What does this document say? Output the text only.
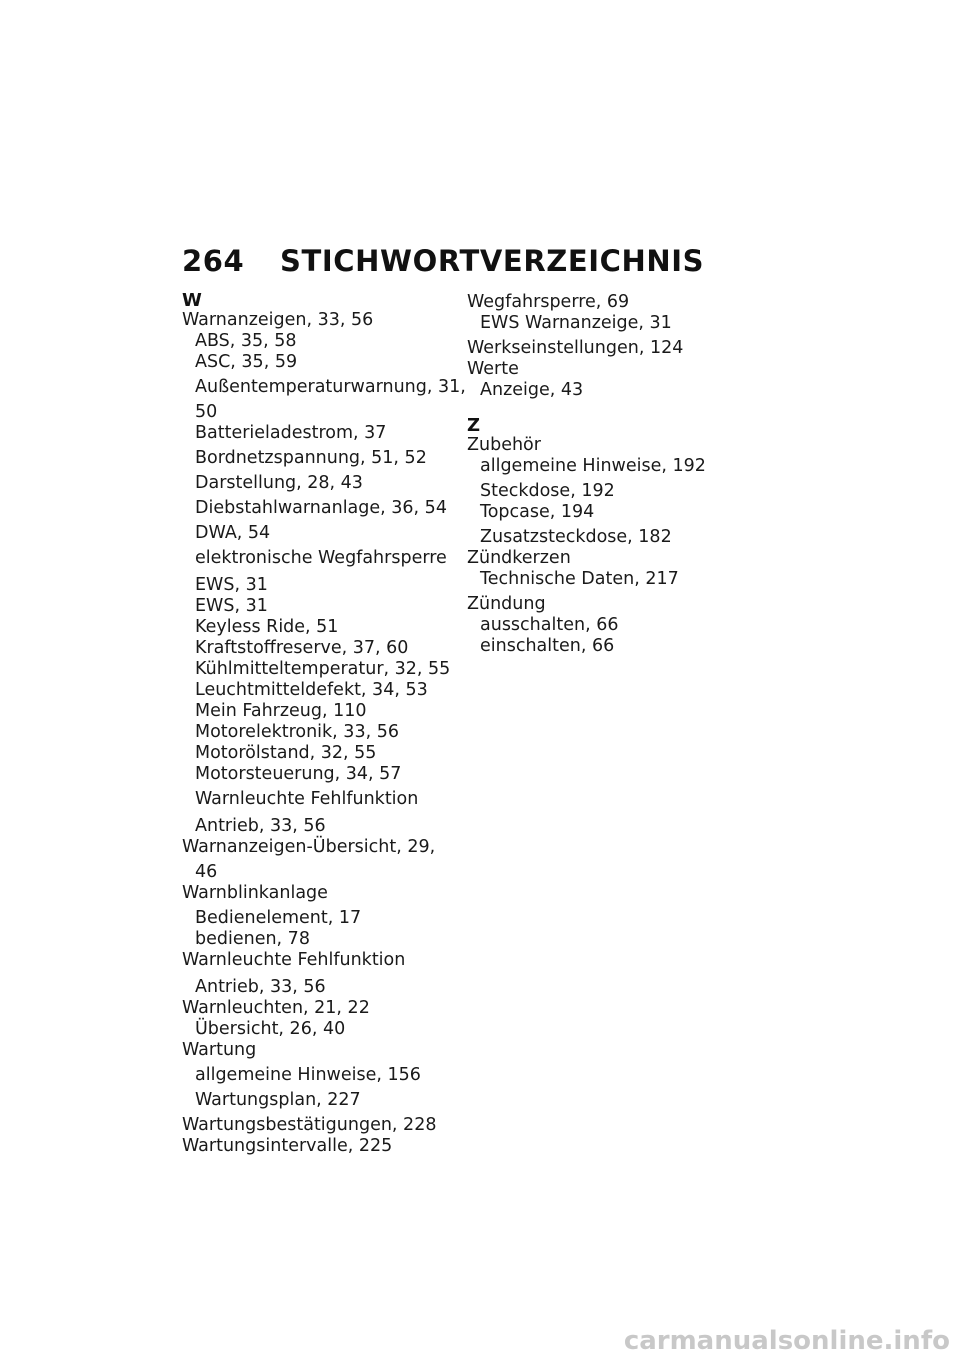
264 STICHWORTVERZEICHNIS
W
Warnanzeigen, 33, 56
ABS, 35, 58
ASC, 35, 59
Außentemperaturwarnung, 31,
50
Batterieladestrom, 37
Bordnetzspannung, 51, 52
Darstellung, 28, 43
Diebstahlwarnanlage, 36, 54
DWA, 54
elektronische Wegfahrsperre
EWS, 31
EWS, 31
Keyless Ride, 51
Kraftstoffreserve, 37, 60
Kühlmitteltemperatur, 32, 55
Leuchtmitteldefekt, 34, 53
Mein Fahrzeug, 110
Motorelektronik, 33, 56
Motorölstand, 32, 55
Motorsteuerung, 34, 57
Warnleuchte Fehlfunktion
Antrieb, 33, 56
Warnanzeigen-Übersicht, 29,
46
Warnblinkanlage
Bedienelement, 17
bedienen, 78
Warnleuchte Fehlfunktion
Antrieb, 33, 56
Warnleuchten, 21, 22
Übersicht, 26, 40
Wartung
allgemeine Hinweise, 156
Wartungsplan, 227
Wartungsbestätigungen, 228
Wartungsintervalle, 225
Wegfahrsperre, 69
EWS Warnanzeige, 31
Werkseinstellungen, 124
Werte
Anzeige, 43
Z
Zubehör
allgemeine Hinweise, 192
Steckdose, 192
Topcase, 194
Zusatzsteckdose, 182
Zündkerzen
Technische Daten, 217
Zündung
ausschalten, 66
einschalten, 66
carmanualsonline.info
